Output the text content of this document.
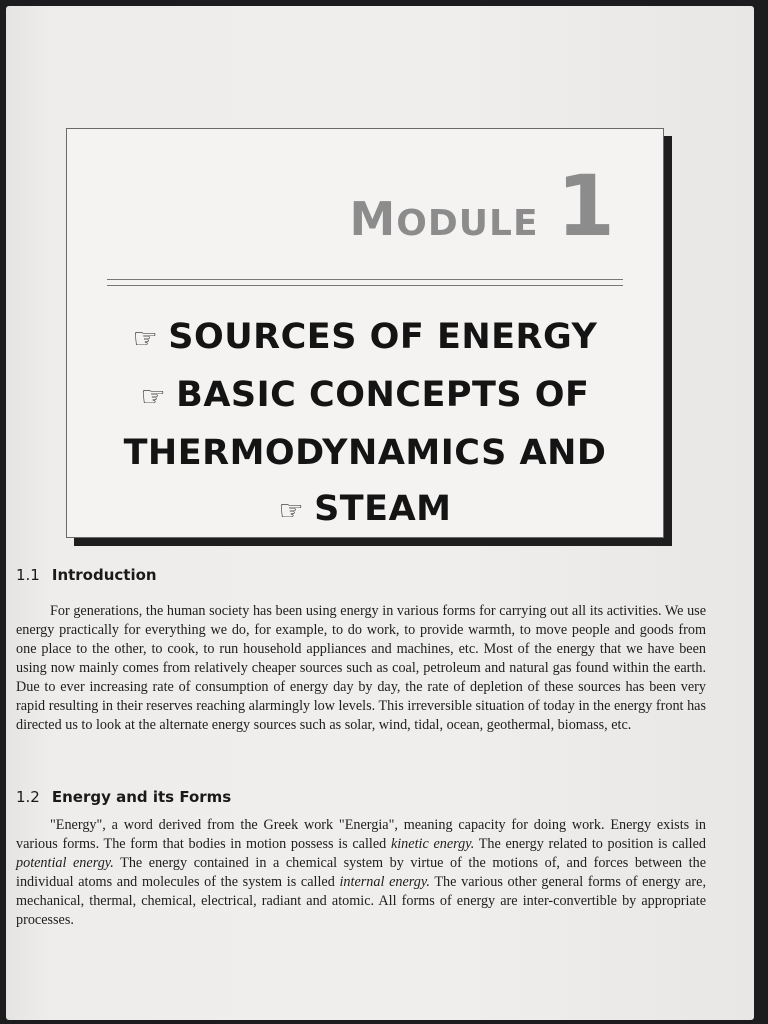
MODULE 1
☞ SOURCES OF ENERGY
☞ BASIC CONCEPTS OF
THERMODYNAMICS AND
☞ STEAM
1.1 Introduction

For generations, the human society has been using energy in various forms for carrying out all its activities. We use energy practically for everything we do, for example, to do work, to provide warmth, to move people and goods from one place to the other, to cook, to run household appliances and machines, etc. Most of the energy that we have been using now mainly comes from relatively cheaper sources such as coal, petroleum and natural gas found within the earth. Due to ever increasing rate of consumption of energy day by day, the rate of depletion of these sources has been very rapid resulting in their reserves reaching alarmingly low levels. This irreversible situation of today in the energy front has directed us to look at the alternate energy sources such as solar, wind, tidal, ocean, geothermal, biomass, etc.

1.2 Energy and its Forms

"Energy", a word derived from the Greek work "Energia", meaning capacity for doing work. Energy exists in various forms. The form that bodies in motion possess is called kinetic energy. The energy related to position is called potential energy. The energy contained in a chemical system by virtue of the motions of, and forces between the individual atoms and molecules of the system is called internal energy. The various other general forms of energy are, mechanical, thermal, chemical, electrical, radiant and atomic. All forms of energy are inter-convertible by appropriate processes.
